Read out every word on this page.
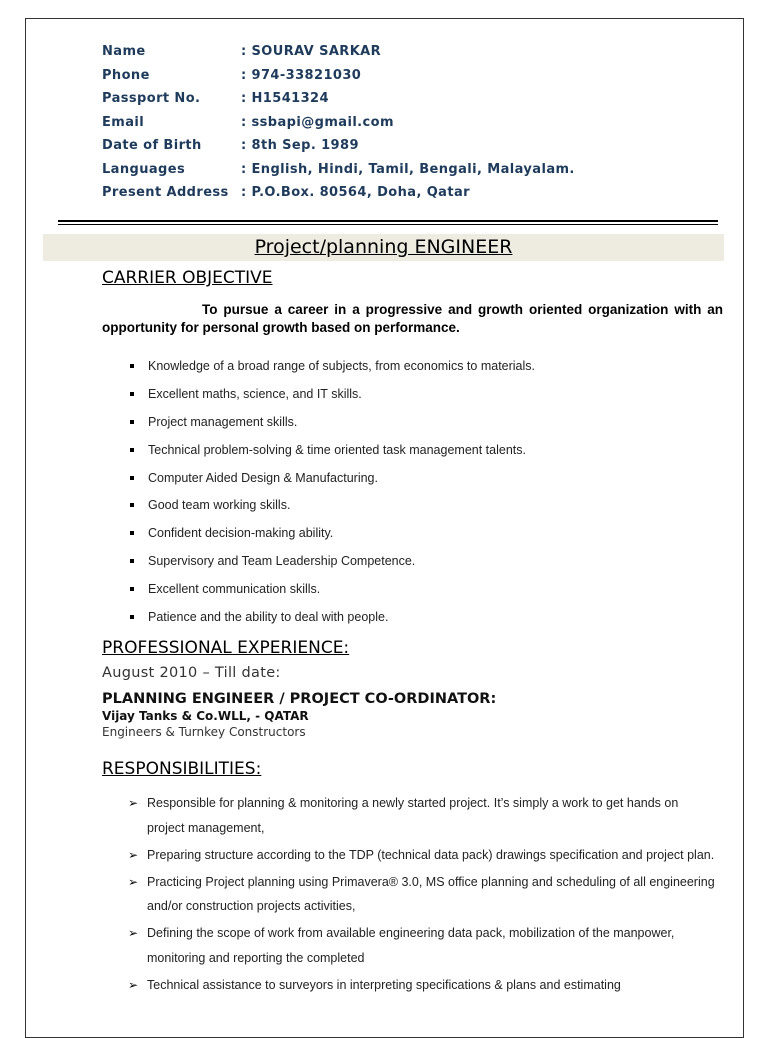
Name	: SOURAV SARKAR
Phone	: 974-33821030
Passport No.	: H1541324
Email	: ssbapi@gmail.com
Date of Birth	: 8th Sep. 1989
Languages	: English, Hindi, Tamil, Bengali, Malayalam.
Present Address : P.O.Box. 80564, Doha, Qatar
Project/planning ENGINEER
CARRIER OBJECTIVE
To pursue a career in a progressive and growth oriented organization with an opportunity for personal growth based on performance.
Knowledge of a broad range of subjects, from economics to materials.
Excellent maths, science, and IT skills.
Project management skills.
Technical problem-solving & time oriented task management talents.
Computer Aided Design & Manufacturing.
Good team working skills.
Confident decision-making ability.
Supervisory and Team Leadership Competence.
Excellent communication skills.
Patience and the ability to deal with people.
PROFESSIONAL EXPERIENCE:
August 2010 – Till date:
PLANNING ENGINEER / PROJECT CO-ORDINATOR:
Vijay Tanks & Co.WLL, - QATAR
Engineers & Turnkey Constructors
RESPONSIBILITIES:
➢ Responsible for planning & monitoring a newly started project. It’s simply a work to get hands on project management,
➢ Preparing structure according to the TDP (technical data pack) drawings specification and project plan.
➢ Practicing Project planning using Primavera® 3.0, MS office planning and scheduling of all engineering and/or construction projects activities,
➢ Defining the scope of work from available engineering data pack, mobilization of the manpower, monitoring and reporting the completed
➢ Technical assistance to surveyors in interpreting specifications & plans and estimating
